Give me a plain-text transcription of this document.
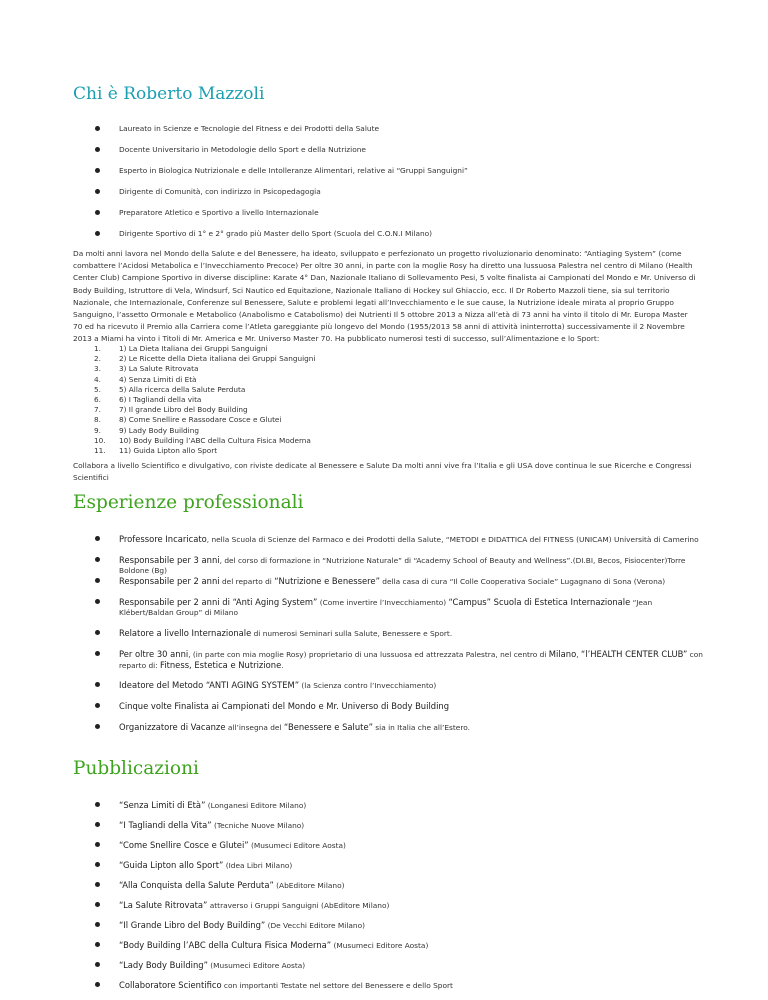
Chi è Roberto Mazzoli
Laureato in Scienze e Tecnologie del Fitness e dei Prodotti della Salute
Docente Universitario in Metodologie dello Sport e della Nutrizione
Esperto in Biologica Nutrizionale e delle Intolleranze Alimentari, relative ai “Gruppi Sanguigni”
Dirigente di Comunità, con indirizzo in Psicopedagogia
Preparatore Atletico e Sportivo a livello Internazionale
Dirigente Sportivo di 1° e 2° grado più Master dello Sport (Scuola del C.O.N.I Milano)

Da molti anni lavora nel Mondo della Salute e del Benessere, ha ideato, sviluppato e perfezionato un progetto rivoluzionario denominato: “Antiaging System” (come combattere l’Acidosi Metabolica e l’Invecchiamento Precoce) Per oltre 30 anni, in parte con la moglie Rosy ha diretto una lussuosa Palestra nel centro di Milano (Health Center Club) Campione Sportivo in diverse discipline: Karate 4° Dan, Nazionale Italiano di Sollevamento Pesi, 5 volte finalista ai Campionati del Mondo e Mr. Universo di Body Building, Istruttore di Vela, Windsurf, Sci Nautico ed Equitazione, Nazionale Italiano di Hockey sul Ghiaccio, ecc. Il Dr Roberto Mazzoli tiene, sia sul territorio Nazionale, che Internazionale, Conferenze sul Benessere, Salute e problemi legati all’Invecchiamento e le sue cause, la Nutrizione ideale mirata al proprio Gruppo Sanguigno, l’assetto Ormonale e Metabolico (Anabolismo e Catabolismo) dei Nutrienti Il 5 ottobre 2013 a Nizza all’età di 73 anni ha vinto il titolo di Mr. Europa Master 70 ed ha ricevuto il Premio alla Carriera come l’Atleta gareggiante più longevo del Mondo (1955/2013 58 anni di attività ininterrotta) successivamente il 2 Novembre 2013 a Miami ha vinto i Titoli di Mr. America e Mr. Universo Master 70. Ha pubblicato numerosi testi di successo, sull’Alimentazione e lo Sport:

1.	1) La Dieta Italiana dei Gruppi Sanguigni
2.	2) Le Ricette della Dieta italiana dei Gruppi Sanguigni
3.	3) La Salute Ritrovata
4.	4) Senza Limiti di Età
5.	5) Alla ricerca della Salute Perduta
6.	6) I Tagliandi della vita
7.	7) Il grande Libro del Body Building
8.	8) Come Snellire e Rassodare Cosce e Glutei
9.	9) Lady Body Building
10.	10) Body Building l’ABC della Cultura Fisica Moderna
11.	11) Guida Lipton allo Sport

Collabora a livello Scientifico e divulgativo, con riviste dedicate al Benessere e Salute Da molti anni vive fra l’Italia e gli USA dove continua le sue Ricerche e Congressi Scientifici

Esperienze professionali
Professore Incaricato, nella Scuola di Scienze del Farmaco e dei Prodotti della Salute, “METODI e DIDATTICA del FITNESS (UNICAM) Università di Camerino
Responsabile per 3 anni, del corso di formazione in “Nutrizione Naturale” di “Academy School of Beauty and Wellness”.(DI.BI, Becos, Fisiocenter)Torre Boldone (Bg)
Responsabile per 2 anni del reparto di “Nutrizione e Benessere” della casa di cura “Il Colle Cooperativa Sociale” Lugagnano di Sona (Verona)
Responsabile per 2 anni di “Anti Aging System” (Come invertire l’Invecchiamento) “Campus” Scuola di Estetica Internazionale “Jean Klébert/Baldan Group” di Milano
Relatore a livello Internazionale di numerosi Seminari sulla Salute, Benessere e Sport.
Per oltre 30 anni, (in parte con mia moglie Rosy) proprietario di una lussuosa ed attrezzata Palestra, nel centro di Milano, “l’HEALTH CENTER CLUB” con reparto di: Fitness, Estetica e Nutrizione.
Ideatore del Metodo “ANTI AGING SYSTEM” (la Scienza contro l’Invecchiamento)
Cinque volte Finalista ai Campionati del Mondo e Mr. Universo di Body Building
Organizzatore di Vacanze all’insegna del “Benessere e Salute” sia in Italia che all’Estero.
Pubblicazioni
“Senza Limiti di Età” (Longanesi Editore Milano)
“I Tagliandi della Vita” (Tecniche Nuove Milano)
“Come Snellire Cosce e Glutei” (Musumeci Editore Aosta)
“Guida Lipton allo Sport” (Idea Libri Milano)
“Alla Conquista della Salute Perduta” (AbEditore Milano)
“La Salute Ritrovata” attraverso i Gruppi Sanguigni (AbEditore Milano)
“Il Grande Libro del Body Building” (De Vecchi Editore Milano)
“Body Building l’ABC della Cultura Fisica Moderna” (Musumeci Editore Aosta)
“Lady Body Building” (Musumeci Editore Aosta)
Collaboratore Scientifico con importanti Testate nel settore del Benessere e dello Sport
